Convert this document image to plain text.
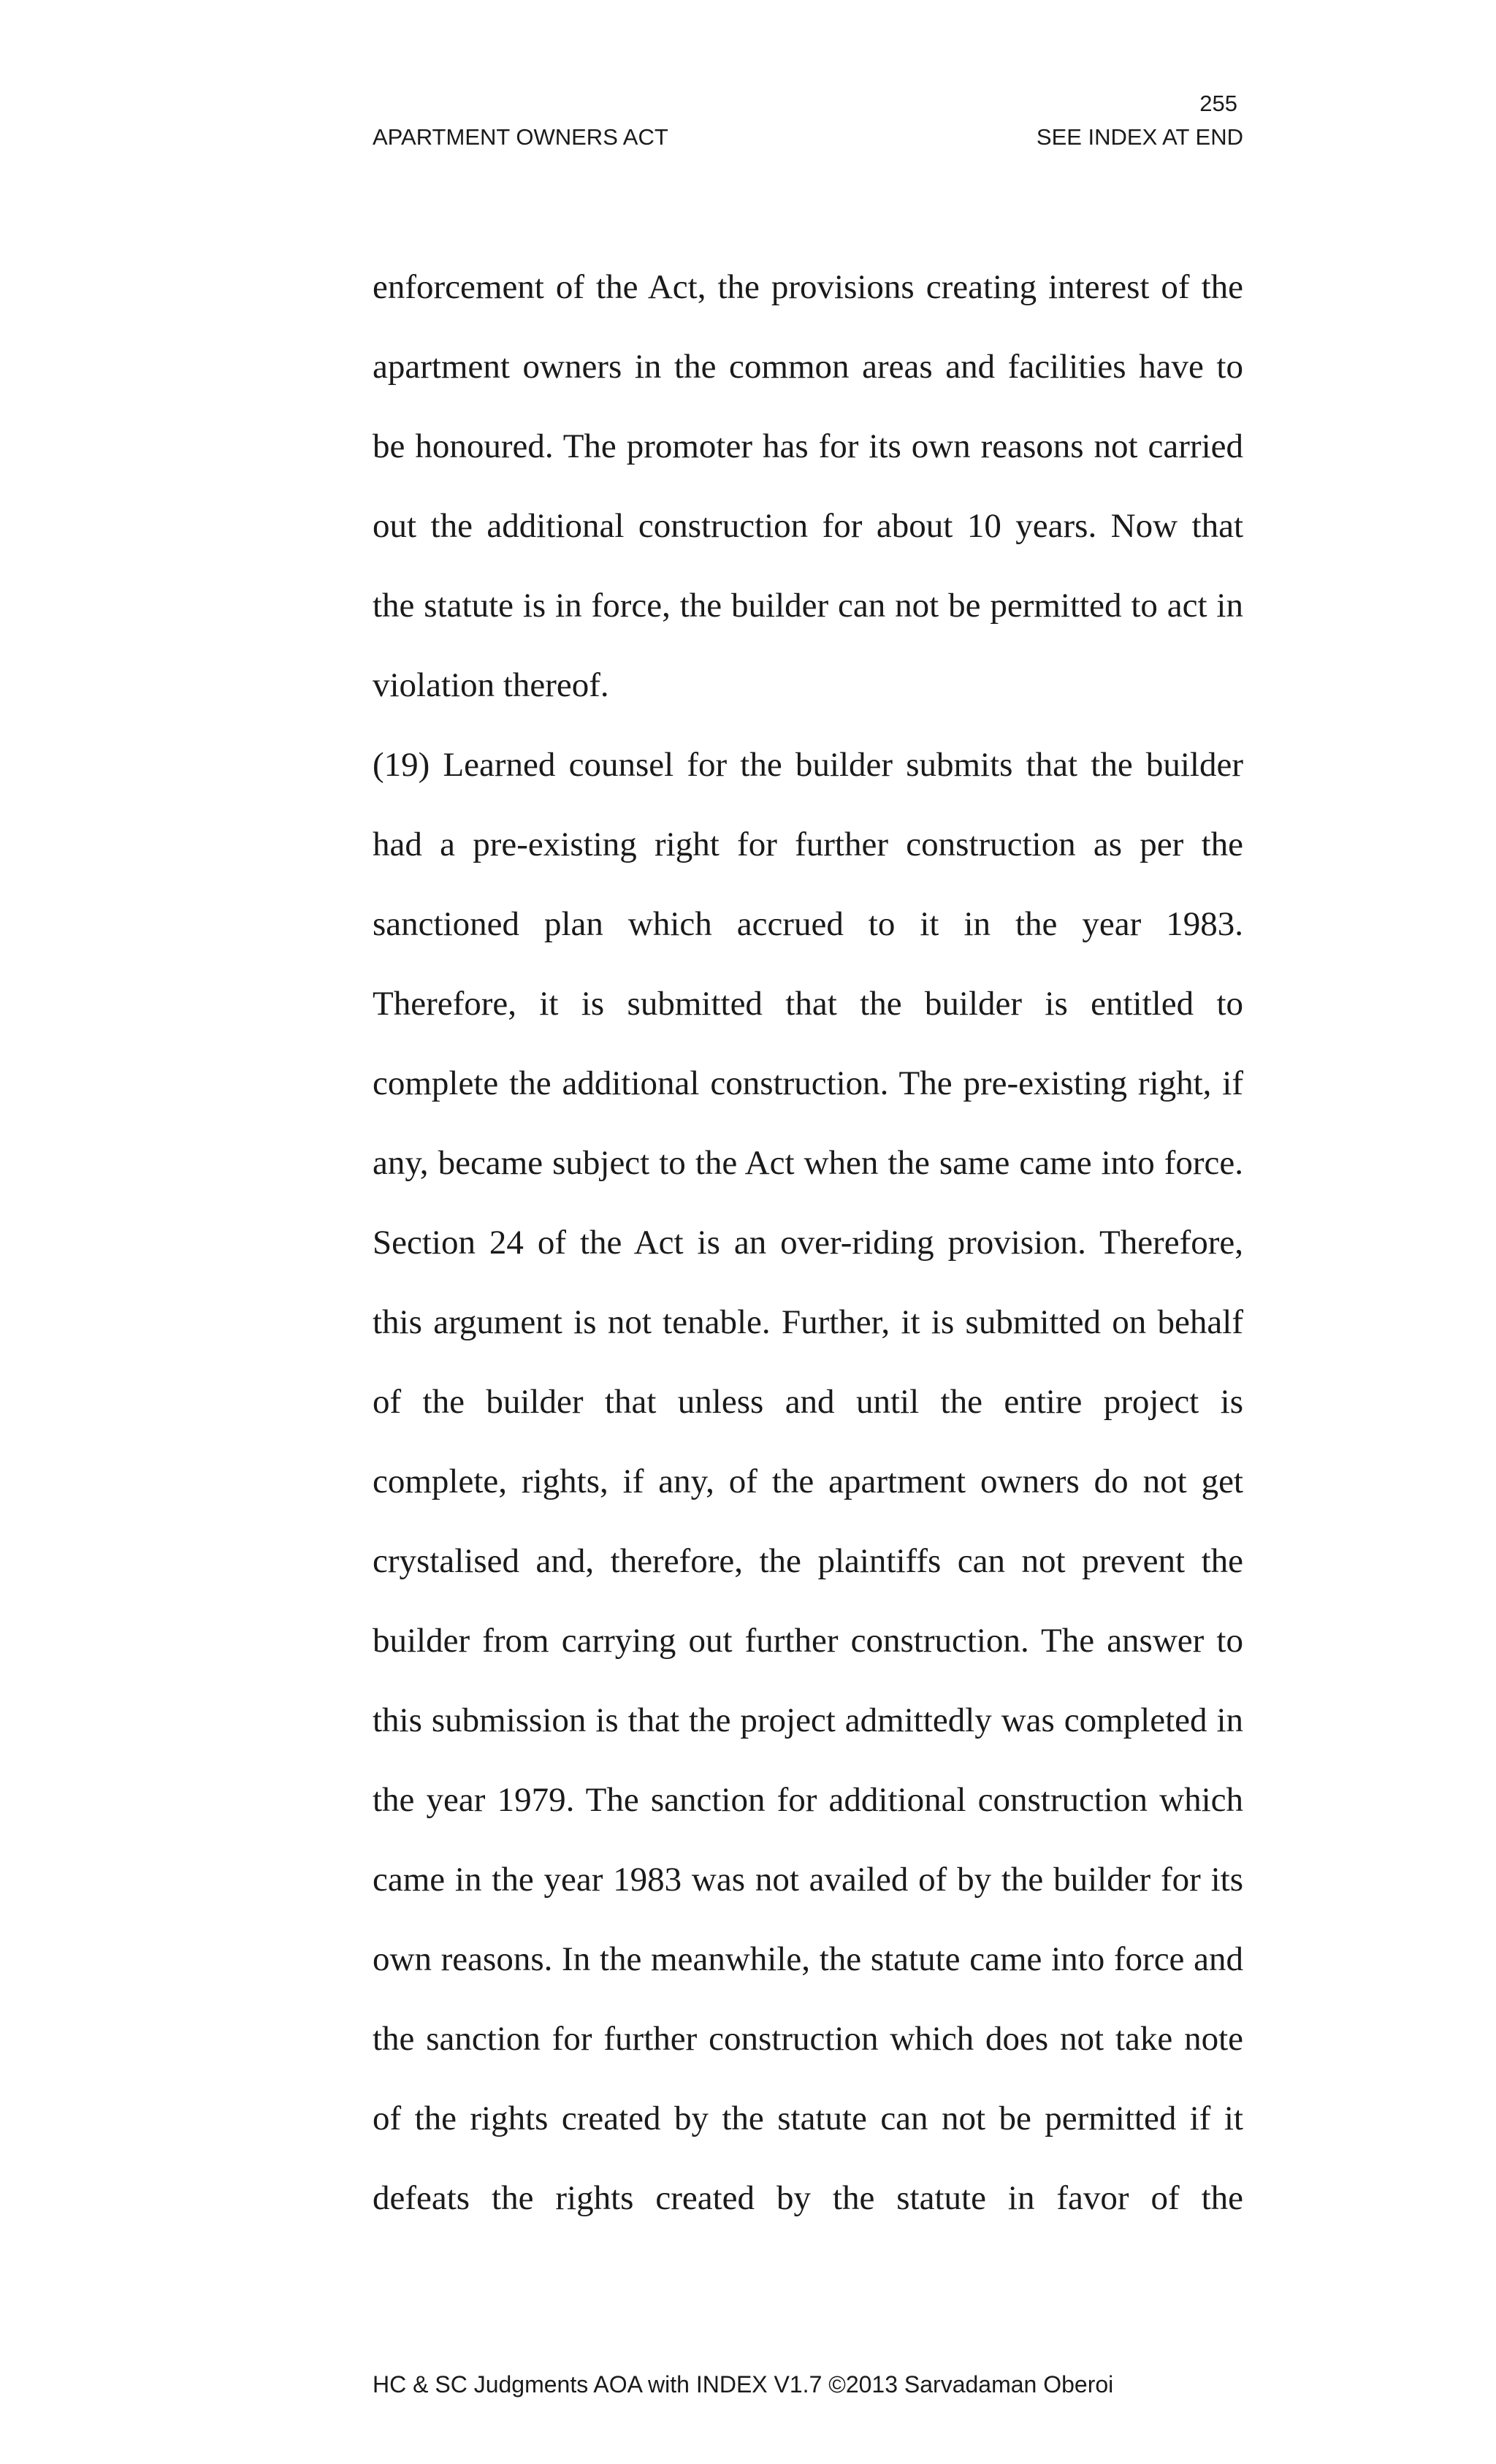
255
APARTMENT OWNERS ACT	SEE INDEX AT END
enforcement of the Act, the provisions creating interest of the
apartment owners in the common areas and facilities have to
be honoured. The promoter has for its own reasons not carried
out the additional construction for about 10 years. Now that
the statute is in force, the builder can not be permitted to act in
violation thereof.
(19) Learned counsel for the builder submits that the builder
had a pre-existing right for further construction as per the
sanctioned plan which accrued to it in the year 1983.
Therefore, it is submitted that the builder is entitled to
complete the additional construction. The pre-existing right, if
any, became subject to the Act when the same came into force.
Section 24 of the Act is an over-riding provision. Therefore,
this argument is not tenable. Further, it is submitted on behalf
of the builder that unless and until the entire project is
complete, rights, if any, of the apartment owners do not get
crystalised and, therefore, the plaintiffs can not prevent the
builder from carrying out further construction. The answer to
this submission is that the project admittedly was completed in
the year 1979. The sanction for additional construction which
came in the year 1983 was not availed of by the builder for its
own reasons. In the meanwhile, the statute came into force and
the sanction for further construction which does not take note
of the rights created by the statute can not be permitted if it
defeats the rights created by the statute in favor of the
HC & SC Judgments AOA with INDEX V1.7 ©2013 Sarvadaman Oberoi
